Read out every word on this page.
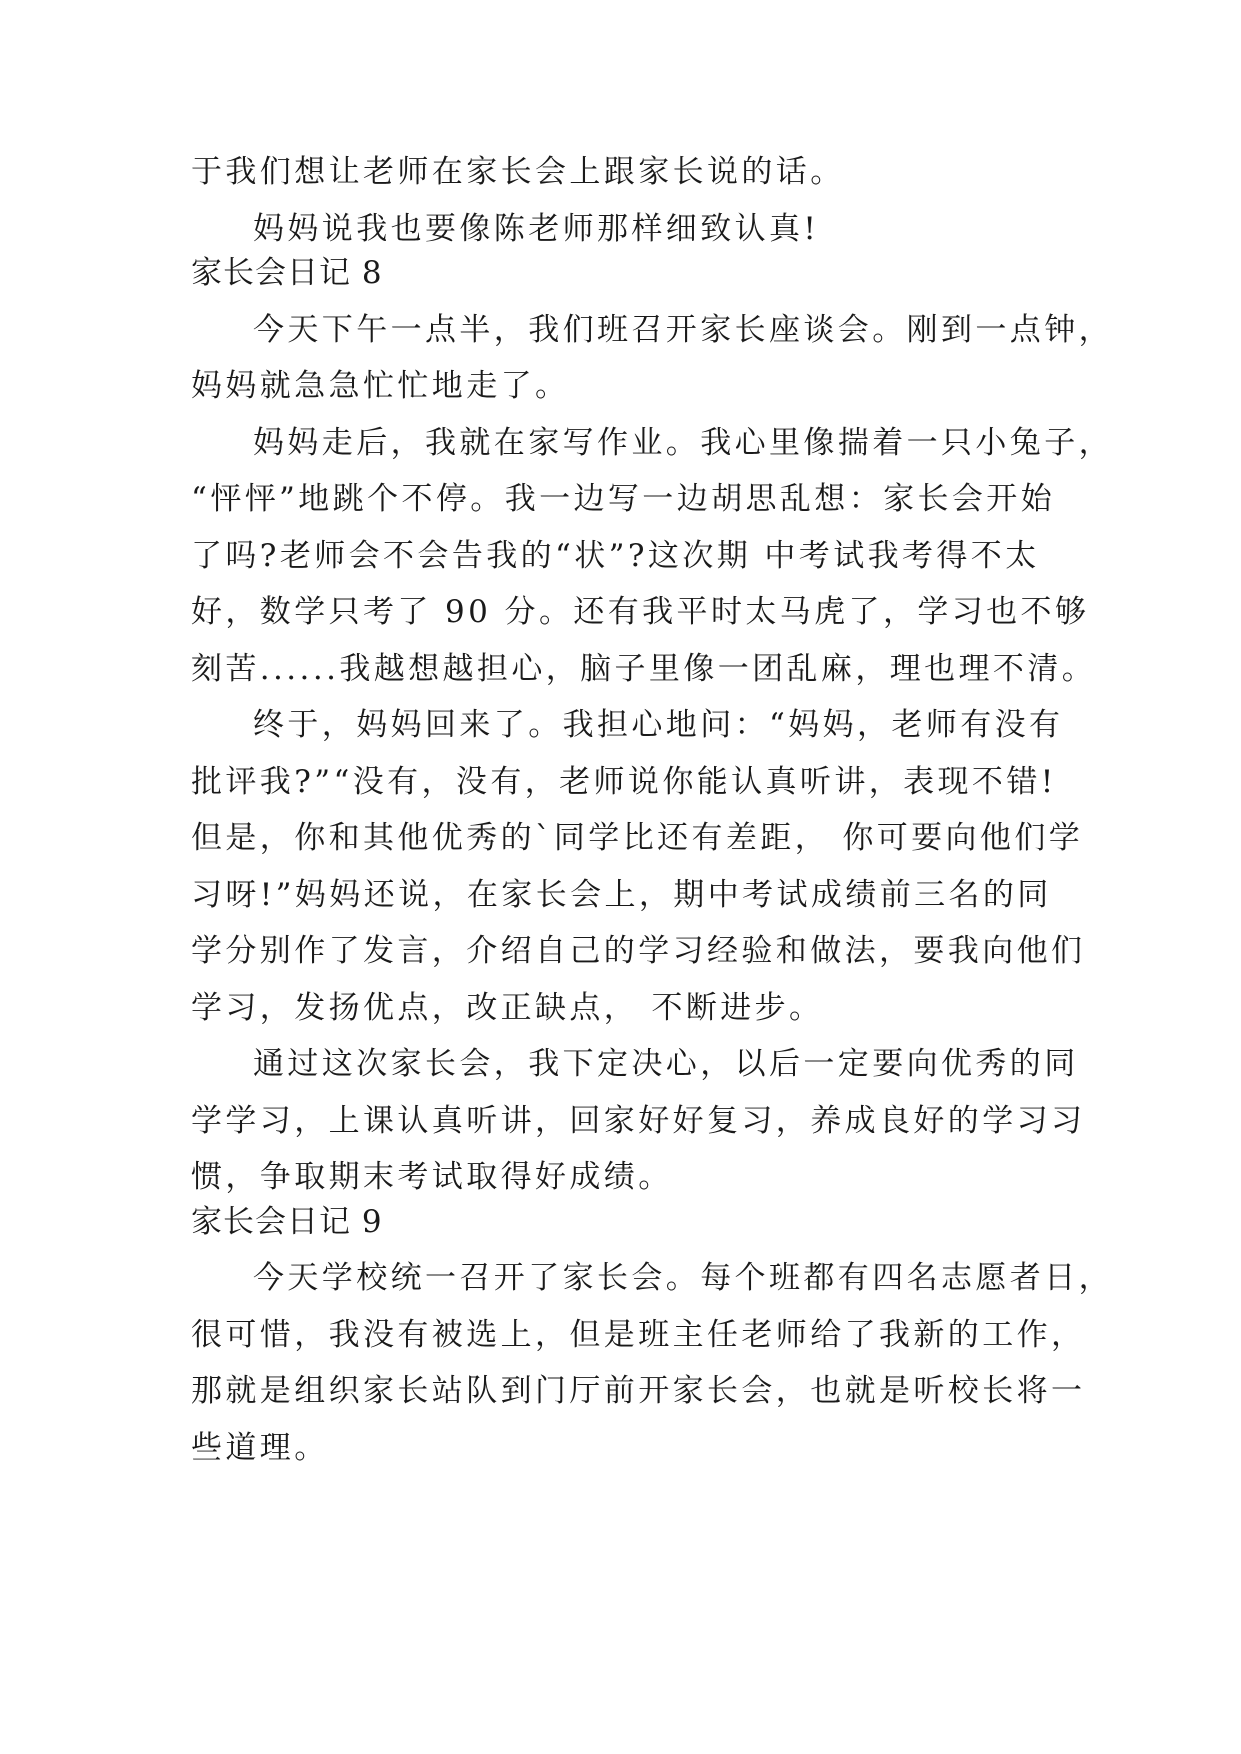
于我们想让老师在家长会上跟家长说的话。
妈妈说我也要像陈老师那样细致认真!
家长会日记 8
今天下午一点半，我们班召开家长座谈会。刚到一点钟，
妈妈就急急忙忙地走了。
妈妈走后，我就在家写作业。我心里像揣着一只小兔子，
“怦怦”地跳个不停。我一边写一边胡思乱想：家长会开始
了吗?老师会不会告我的“状”?这次期 中考试我考得不太
好，数学只考了 90 分。还有我平时太马虎了，学习也不够
刻苦......我越想越担心，脑子里像一团乱麻，理也理不清。
终于，妈妈回来了。我担心地问：“妈妈，老师有没有
批评我?”“没有，没有，老师说你能认真听讲，表现不错!
但是，你和其他优秀的`同学比还有差距， 你可要向他们学
习呀!”妈妈还说，在家长会上，期中考试成绩前三名的同
学分别作了发言，介绍自己的学习经验和做法，要我向他们
学习，发扬优点，改正缺点， 不断进步。
通过这次家长会，我下定决心，以后一定要向优秀的同
学学习，上课认真听讲，回家好好复习，养成良好的学习习
惯，争取期末考试取得好成绩。
家长会日记 9
今天学校统一召开了家长会。每个班都有四名志愿者日，
很可惜，我没有被选上，但是班主任老师给了我新的工作，
那就是组织家长站队到门厅前开家长会，也就是听校长将一
些道理。
